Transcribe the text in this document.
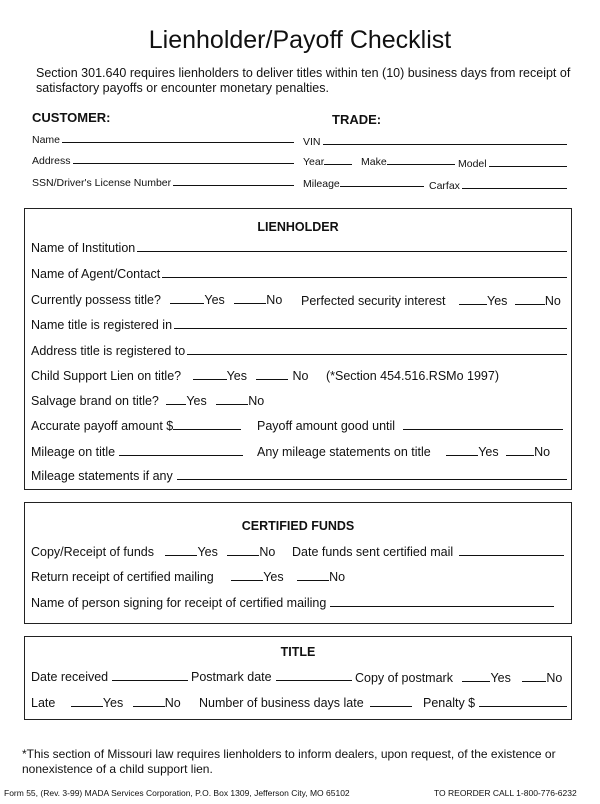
Lienholder/Payoff Checklist
Section 301.640 requires lienholders to deliver titles within ten (10) business days from receipt of satisfactory payoffs or encounter monetary penalties.
CUSTOMER:	TRADE:
Name
Address
SSN/Driver's License Number
VIN
Year	Make	Model
Mileage	Carfax
LIENHOLDER
Name of Institution
Name of Agent/Contact
Currently possess title?	Yes	No Perfected security interest	Yes	No
Name title is registered in
Address title is registered to
Child Support Lien on title?	Yes	No (*Section 454.516.RSMo 1997)
Salvage brand on title? Yes	No
Accurate payoff amount $	Payoff amount good until
Mileage on title	Any mileage statements on title	Yes	No
Mileage statements if any
CERTIFIED FUNDS
Copy/Receipt of funds	Yes	No Date funds sent certified mail
Return receipt of certified mailing	Yes	No
Name of person signing for receipt of certified mailing
TITLE
Date received	Postmark date	Copy of postmark	Yes	No
Late	Yes	No Number of business days late	Penalty $
*This section of Missouri law requires lienholders to inform dealers, upon request, of the existence or nonexistence of a child support lien.
Form 55, (Rev. 3-99) MADA Services Corporation, P.O. Box 1309, Jefferson City, MO 65102	TO REORDER CALL 1-800-776-6232
